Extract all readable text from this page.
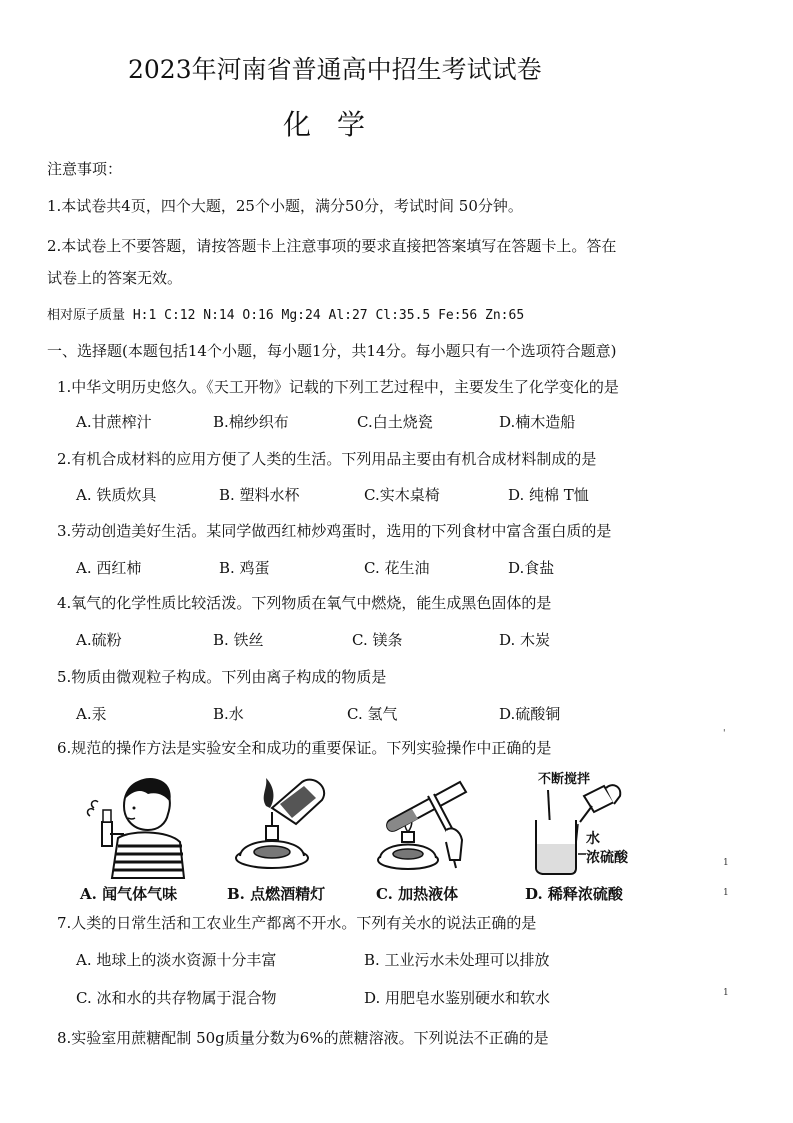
2023年河南省普通高中招生考试试卷
化学
注意事项：
1.本试卷共4页，四个大题，25个小题，满分50分，考试时间 50分钟。
2.本试卷上不要答题，请按答题卡上注意事项的要求直接把答案填写在答题卡上。答在
试卷上的答案无效。
相对原子质量 H:1 C:12 N:14 O:16 Mg:24 Al:27 Cl:35.5 Fe:56 Zn:65
一、选择题(本题包括14个小题，每小题1分，共14分。每小题只有一个选项符合题意)
1.中华文明历史悠久。《天工开物》记载的下列工艺过程中，主要发生了化学变化的是
A.甘蔗榨汁	B.棉纱织布	C.白土烧瓷	D.楠木造船
2.有机合成材料的应用方便了人类的生活。下列用品主要由有机合成材料制成的是
A. 铁质炊具	B. 塑料水杯	C.实木桌椅	D. 纯棉 T恤
3.劳动创造美好生活。某同学做西红柿炒鸡蛋时，选用的下列食材中富含蛋白质的是
A. 西红柿	B. 鸡蛋	C. 花生油	D.食盐
4.氧气的化学性质比较活泼。下列物质在氧气中燃烧，能生成黑色固体的是
A.硫粉	B. 铁丝	C. 镁条	D. 木炭
5.物质由微观粒子构成。下列由离子构成的物质是
A.汞	B.水	C. 氢气	D.硫酸铜
6.规范的操作方法是实验安全和成功的重要保证。下列实验操作中正确的是
A. 闻气体气味	B. 点燃酒精灯	C. 加热液体
不断搅拌
水
浓硫酸
D. 稀释浓硫酸
7.人类的日常生活和工农业生产都离不开水。下列有关水的说法正确的是
A. 地球上的淡水资源十分丰富	B. 工业污水未处理可以排放
C. 冰和水的共存物属于混合物	D. 用肥皂水鉴别硬水和软水
8.实验室用蔗糖配制 50g质量分数为6%的蔗糖溶液。下列说法不正确的是
'
1
1
1
